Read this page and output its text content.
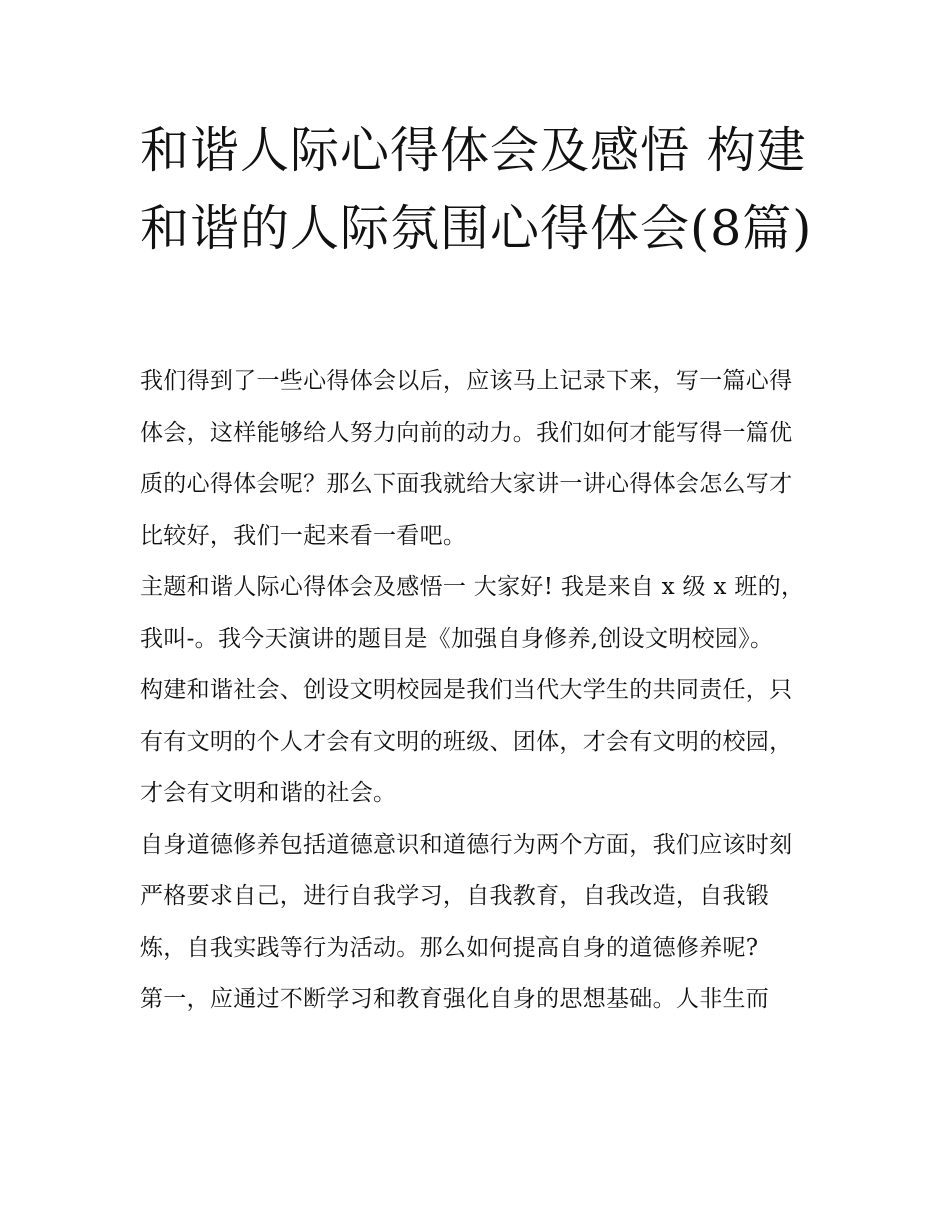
和谐人际心得体会及感悟 构建和谐的人际氛围心得体会(8篇)

我们得到了一些心得体会以后，应该马上记录下来，写一篇心得体会，这样能够给人努力向前的动力。我们如何才能写得一篇优质的心得体会呢？那么下面我就给大家讲一讲心得体会怎么写才比较好，我们一起来看一看吧。

主题和谐人际心得体会及感悟一 大家好! 我是来自 x 级 x 班的，我叫-。我今天演讲的题目是《加强自身修养,创设文明校园》。

构建和谐社会、创设文明校园是我们当代大学生的共同责任，只有有文明的个人才会有文明的班级、团体，才会有文明的校园，才会有文明和谐的社会。

自身道德修养包括道德意识和道德行为两个方面，我们应该时刻严格要求自己，进行自我学习，自我教育，自我改造，自我锻炼，自我实践等行为活动。那么如何提高自身的道德修养呢?

第一，应通过不断学习和教育强化自身的思想基础。人非生而
